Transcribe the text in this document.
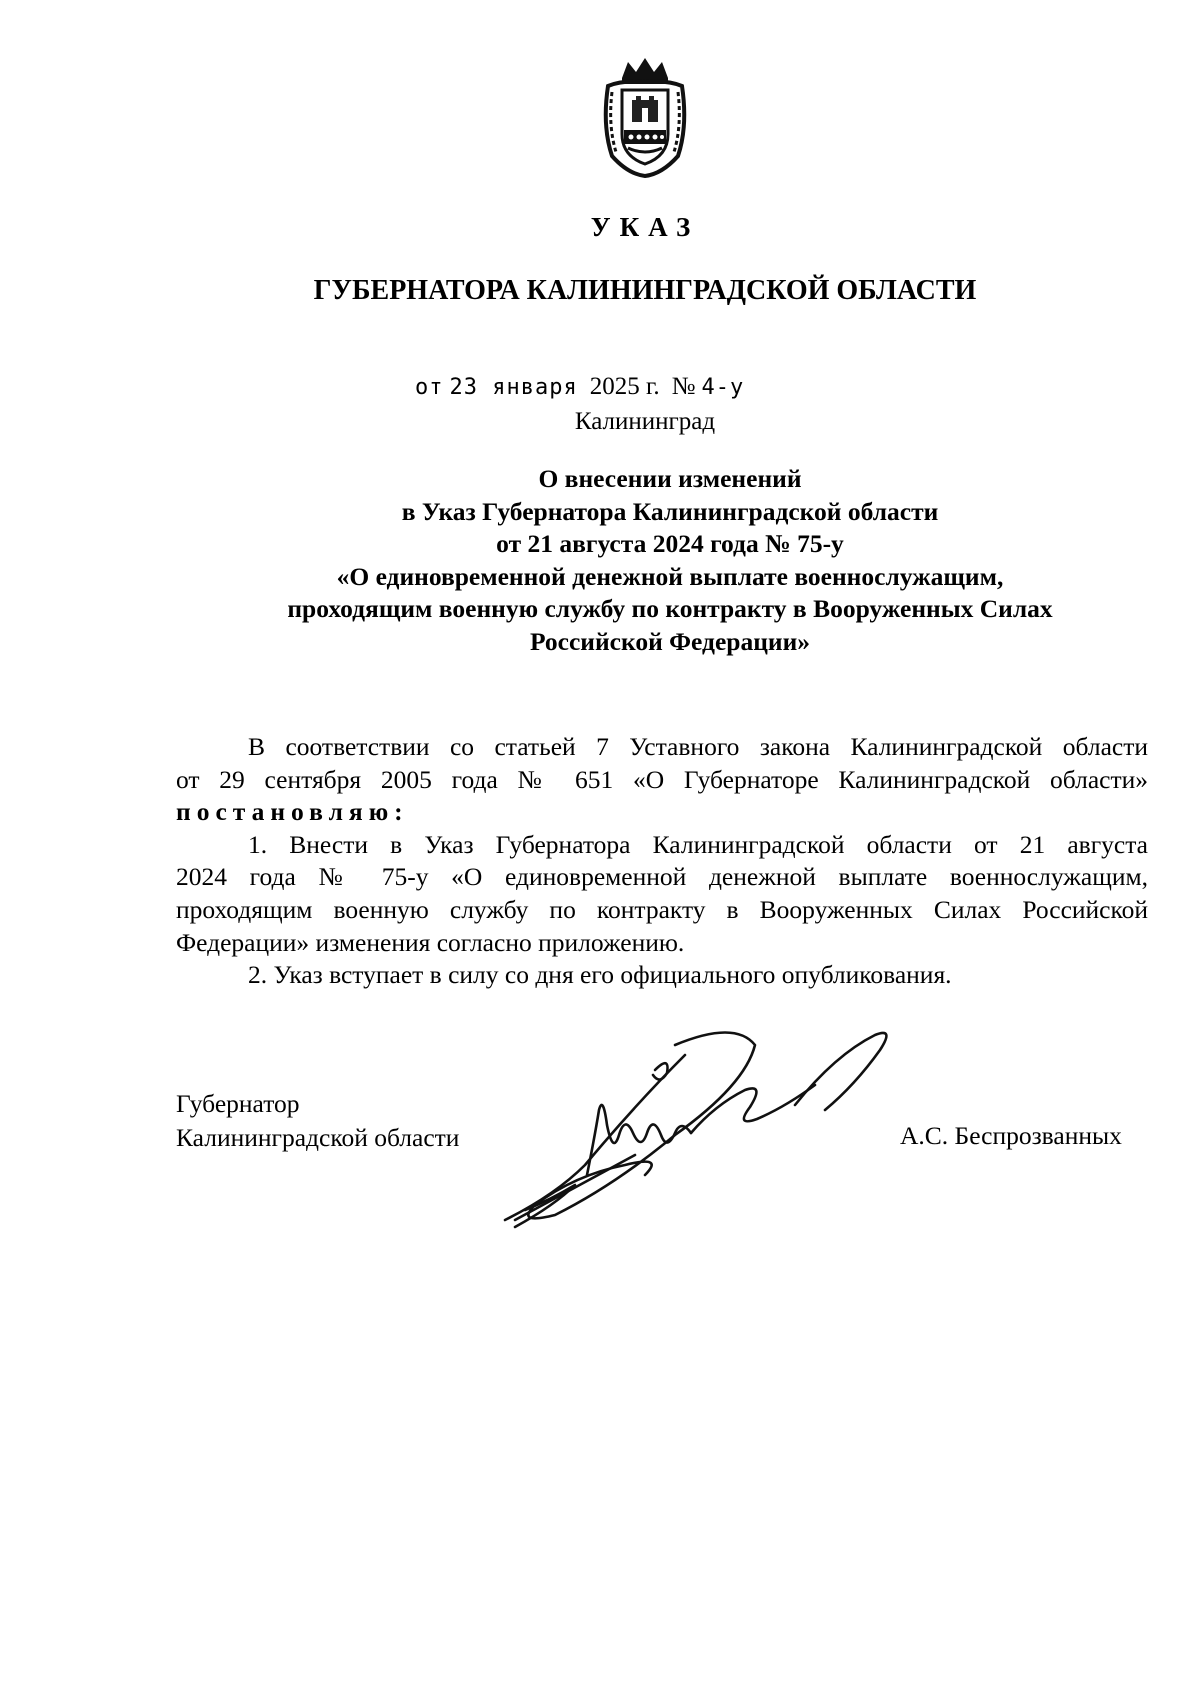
УКАЗ
ГУБЕРНАТОРА КАЛИНИНГРАДСКОЙ ОБЛАСТИ
от 23 января 2025 г. № 4-у
Калининград
О внесении изменений
в Указ Губернатора Калининградской области
от 21 августа 2024 года № 75-у
«О единовременной денежной выплате военнослужащим,
проходящим военную службу по контракту в Вооруженных Силах
Российской Федерации»
В соответствии со статьей 7 Уставного закона Калининградской области
от 29 сентября 2005 года № 651 «О Губернаторе Калининградской области»
постановляю:
1. Внести в Указ Губернатора Калининградской области от 21 августа
2024 года № 75-у «О единовременной денежной выплате военнослужащим,
проходящим военную службу по контракту в Вооруженных Силах Российской
Федерации» изменения согласно приложению.
2. Указ вступает в силу со дня его официального опубликования.
Губернатор
Калининградской области	А.С. Беспрозванных
